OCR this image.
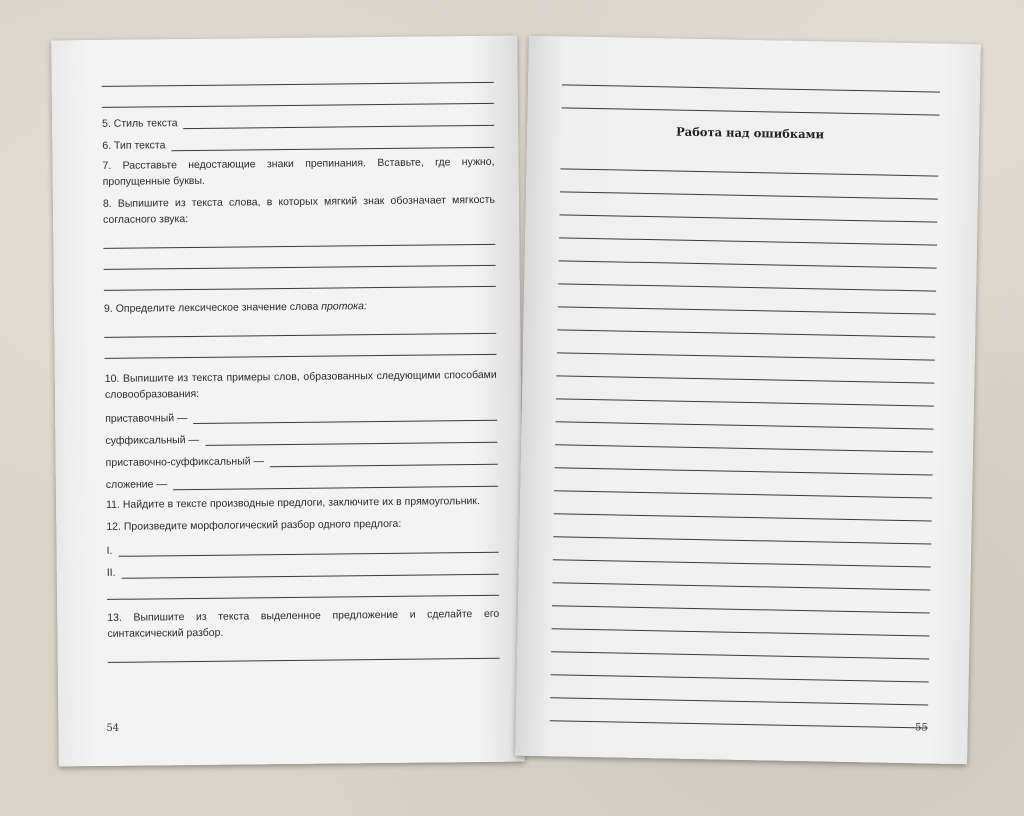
5. Стиль текста
6. Тип текста
7. Расставьте недостающие знаки препинания. Вставьте, где нужно, пропущенные буквы.
8. Выпишите из текста слова, в которых мягкий знак обозначает мягкость согласного звука:
9. Определите лексическое значение слова протока:
10. Выпишите из текста примеры слов, образованных следующими способами словообразования:
приставочный —
суффиксальный —
приставочно-суффиксальный —
сложение —
11. Найдите в тексте производные предлоги, заключите их в прямоугольник.
12. Произведите морфологический разбор одного предлога:
I.
II.
13. Выпишите из текста выделенное предложение и сделайте его синтаксический разбор.
54
Работа над ошибками
55
